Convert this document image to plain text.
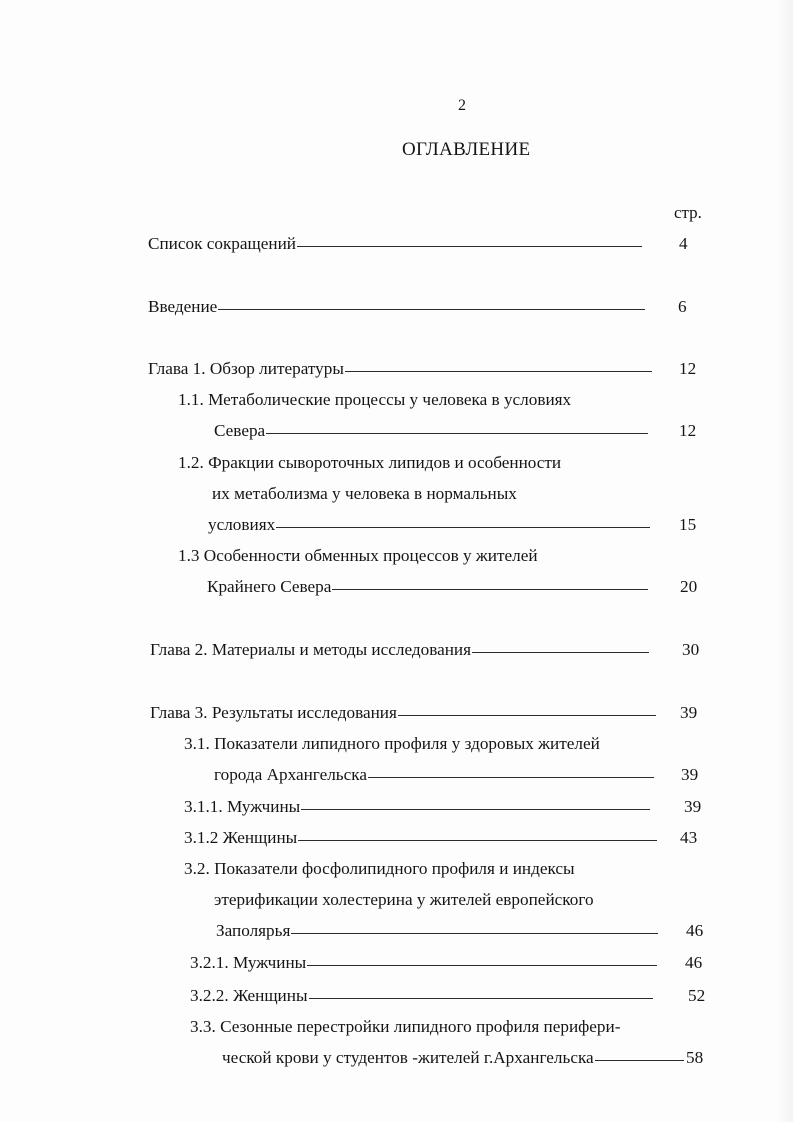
2
ОГЛАВЛЕНИЕ
стр.
Список сокращений	4
Введение	6
Глава 1. Обзор литературы	12
1.1. Метаболические процессы у человека в условиях
Севера	12
1.2. Фракции сывороточных липидов и особенности
их метаболизма у человека в нормальных
условиях	15
1.3 Особенности обменных процессов у жителей
Крайнего Севера	20
Глава 2. Материалы и методы исследования	30
Глава 3. Результаты исследования	39
3.1. Показатели липидного профиля у здоровых жителей
города Архангельска	39
3.1.1. Мужчины	39
3.1.2 Женщины	43
3.2. Показатели фосфолипидного профиля и индексы
этерификации холестерина у жителей европейского
Заполярья	46
3.2.1. Мужчины	46
3.2.2. Женщины	52
3.3. Сезонные перестройки липидного профиля перифери-
ческой крови у студентов -жителей г.Архангельска	58
